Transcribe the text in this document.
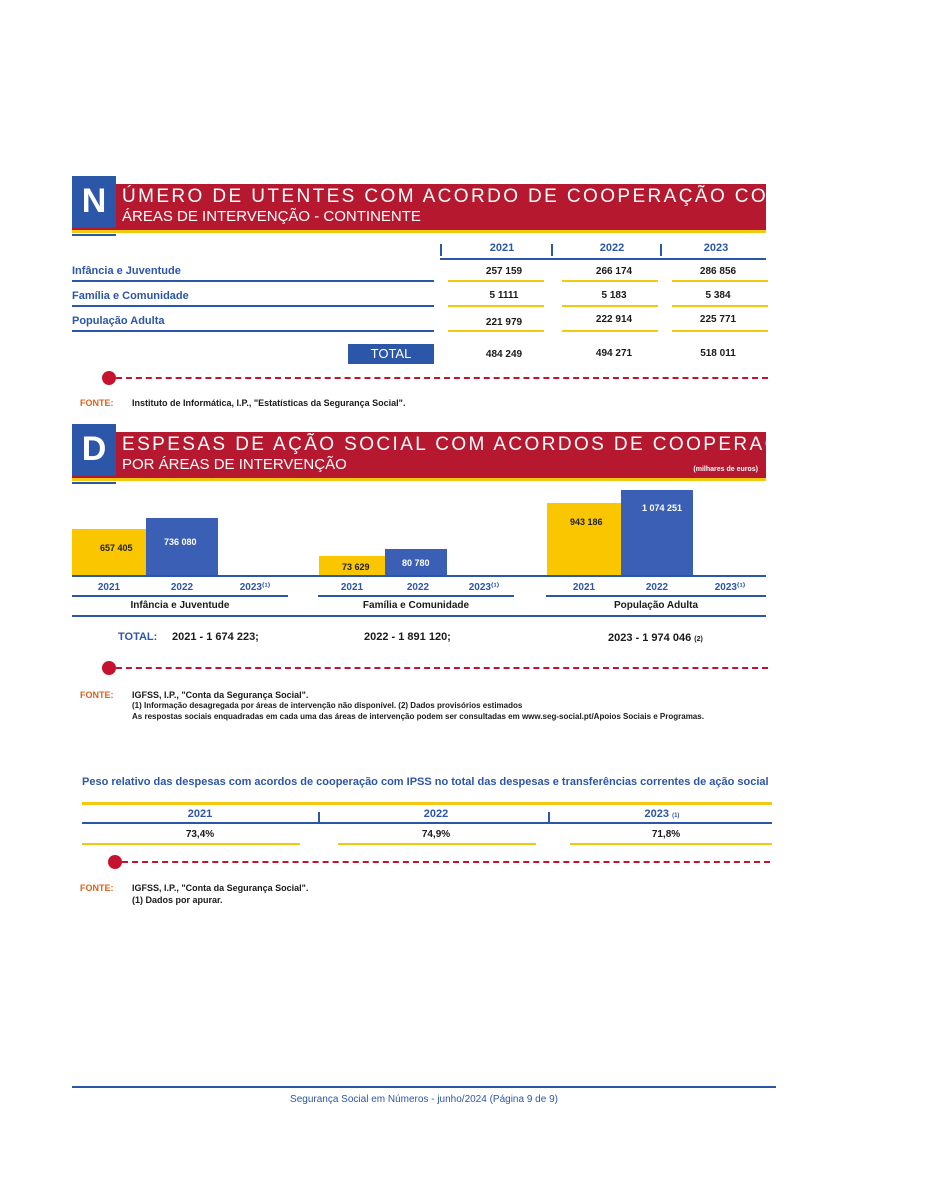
N ÚMERO DE UTENTES COM ACORDO DE COOPERAÇÃO COM IPSS, POR
ÁREAS DE INTERVENÇÃO - CONTINENTE
2021	2022	2023
Infância e Juventude	257 159	266 174	286 856
Família e Comunidade	5 1111	5 183	5 384
População Adulta	221 979	222 914	225 771
TOTAL	484 249	494 271	518 011
FONTE: Instituto de Informática, I.P., "Estatísticas da Segurança Social".
D ESPESAS DE AÇÃO SOCIAL COM ACORDOS DE COOPERAÇÃO COM IPSS
POR ÁREAS DE INTERVENÇÃO	(milhares de euros)
657 405
736 080
73 629	80 780
943 186
1 074 251
2021	2022	2023⁽¹⁾	2021	2022	2023⁽¹⁾	2021	2022	2023⁽¹⁾
Infância e Juventude	Família e Comunidade	População Adulta
TOTAL: 2021 - 1 674 223;	2022 - 1 891 120;	2023 - 1 974 046 (2)
FONTE: IGFSS, I.P., "Conta da Segurança Social".
(1) Informação desagregada por áreas de intervenção não disponível. (2) Dados provisórios estimados
As respostas sociais enquadradas em cada uma das áreas de intervenção podem ser consultadas em www.seg-social.pt/Apoios Sociais e Programas.
Peso relativo das despesas com acordos de cooperação com IPSS no total das despesas e transferências correntes de ação social
2021	2022	2023 (1)
73,4%	74,9%	71,8%
FONTE: IGFSS, I.P., "Conta da Segurança Social".
(1) Dados por apurar.
Segurança Social em Números - junho/2024 (Página 9 de 9)
